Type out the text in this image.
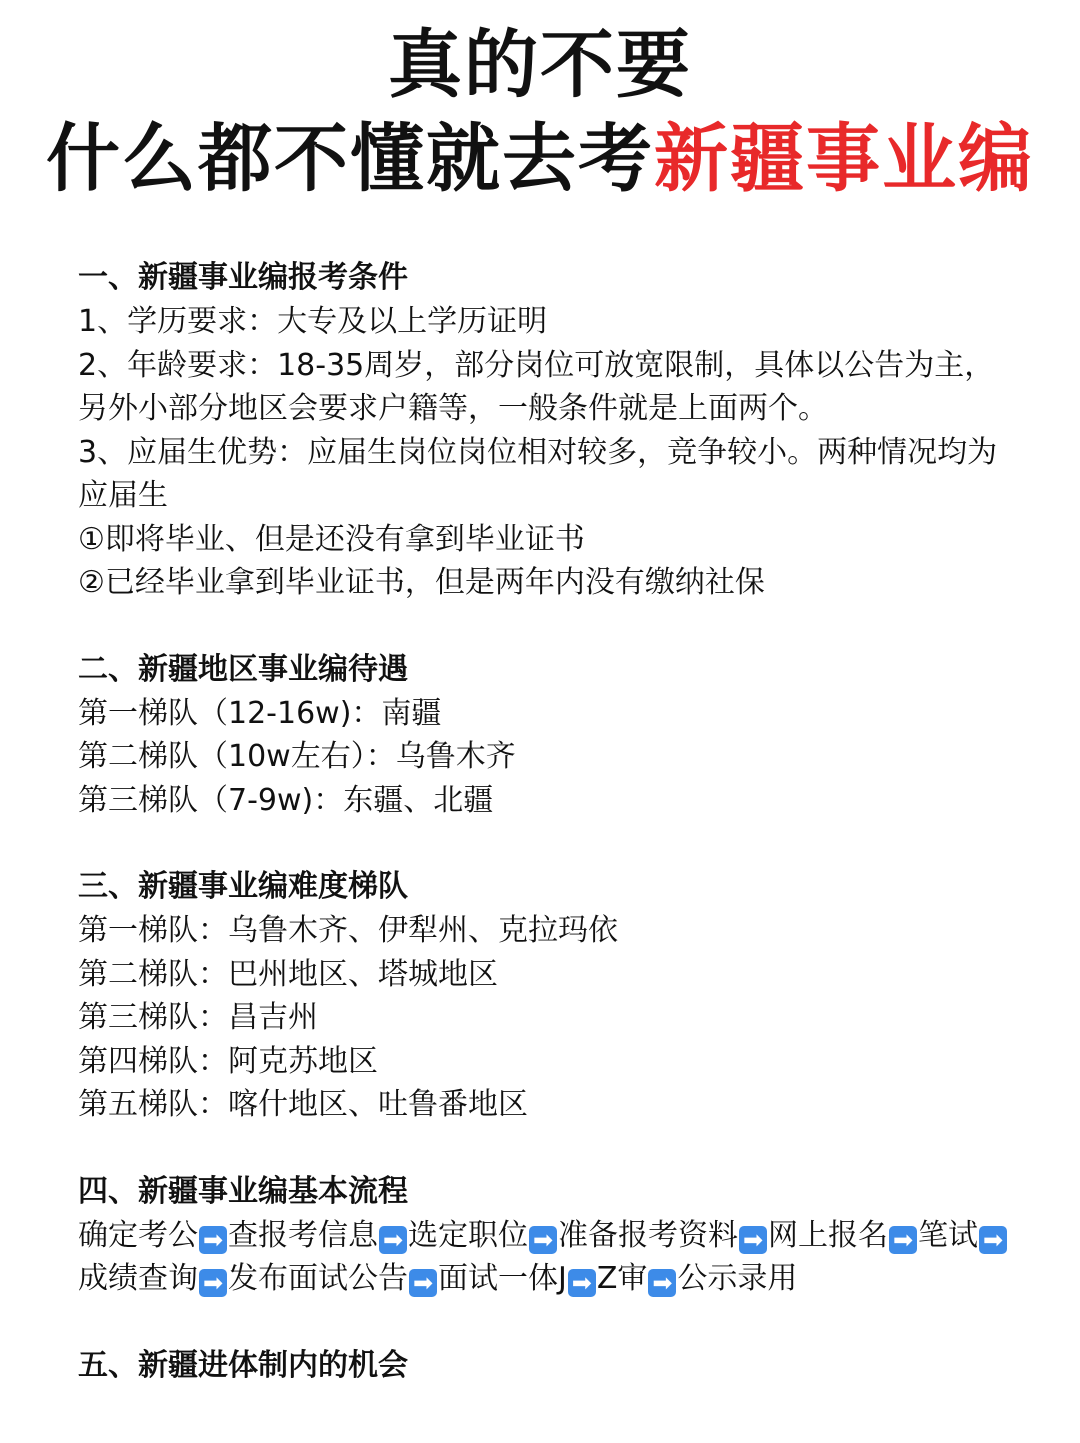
真的不要
什么都不懂就去考新疆事业编
一、新疆事业编报考条件
1、学历要求：大专及以上学历证明
2、年龄要求：18-35周岁，部分岗位可放宽限制，具体以公告为主，另外小部分地区会要求户籍等，一般条件就是上面两个。
3、应届生优势：应届生岗位岗位相对较多，竞争较小。两种情况均为应届生
①即将毕业、但是还没有拿到毕业证书
②已经毕业拿到毕业证书，但是两年内没有缴纳社保
二、新疆地区事业编待遇
第一梯队（12-16w)：南疆
第二梯队（10w左右）：乌鲁木齐
第三梯队（7-9w)：东疆、北疆
三、新疆事业编难度梯队
第一梯队：乌鲁木齐、伊犁州、克拉玛依
第二梯队：巴州地区、塔城地区
第三梯队：昌吉州
第四梯队：阿克苏地区
第五梯队：喀什地区、吐鲁番地区
四、新疆事业编基本流程
确定考公 ➡ 查报考信息 ➡ 选定职位 ➡ 准备报考资料 ➡ 网上报名 ➡ 笔试 ➡成绩查询 ➡ 发布面试公告 ➡ 面试一体J ➡ Z审 ➡ 公示录用
五、新疆进体制内的机会
